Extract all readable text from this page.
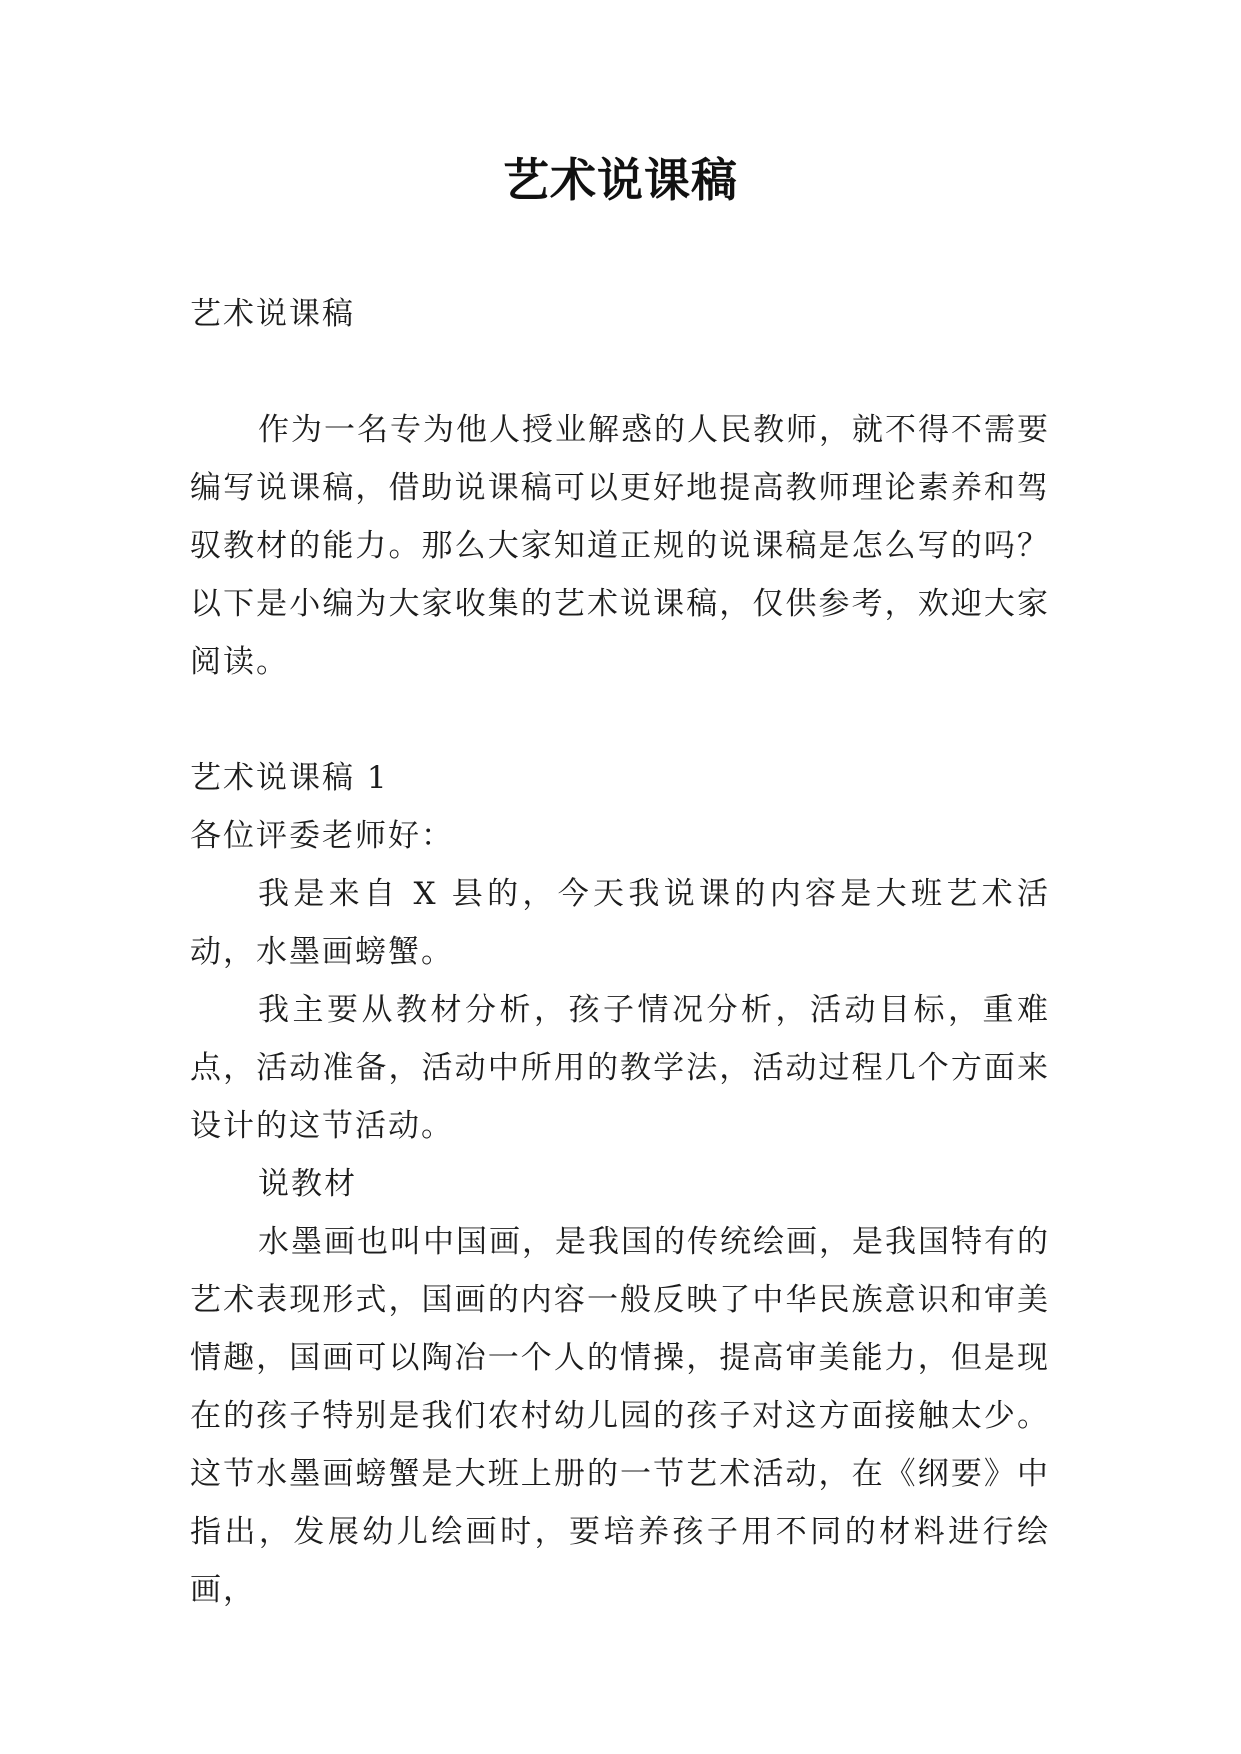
艺术说课稿

艺术说课稿

作为一名专为他人授业解惑的人民教师，就不得不需要编写说课稿，借助说课稿可以更好地提高教师理论素养和驾驭教材的能力。那么大家知道正规的说课稿是怎么写的吗？以下是小编为大家收集的艺术说课稿，仅供参考，欢迎大家阅读。

艺术说课稿 1

各位评委老师好：

我是来自 X 县的，今天我说课的内容是大班艺术活动，水墨画螃蟹。

我主要从教材分析，孩子情况分析，活动目标，重难点，活动准备，活动中所用的教学法，活动过程几个方面来设计的这节活动。

说教材

水墨画也叫中国画，是我国的传统绘画，是我国特有的艺术表现形式，国画的内容一般反映了中华民族意识和审美情趣，国画可以陶冶一个人的情操，提高审美能力，但是现在的孩子特别是我们农村幼儿园的孩子对这方面接触太少。这节水墨画螃蟹是大班上册的一节艺术活动，在《纲要》中指出，发展幼儿绘画时，要培养孩子用不同的材料进行绘画，
